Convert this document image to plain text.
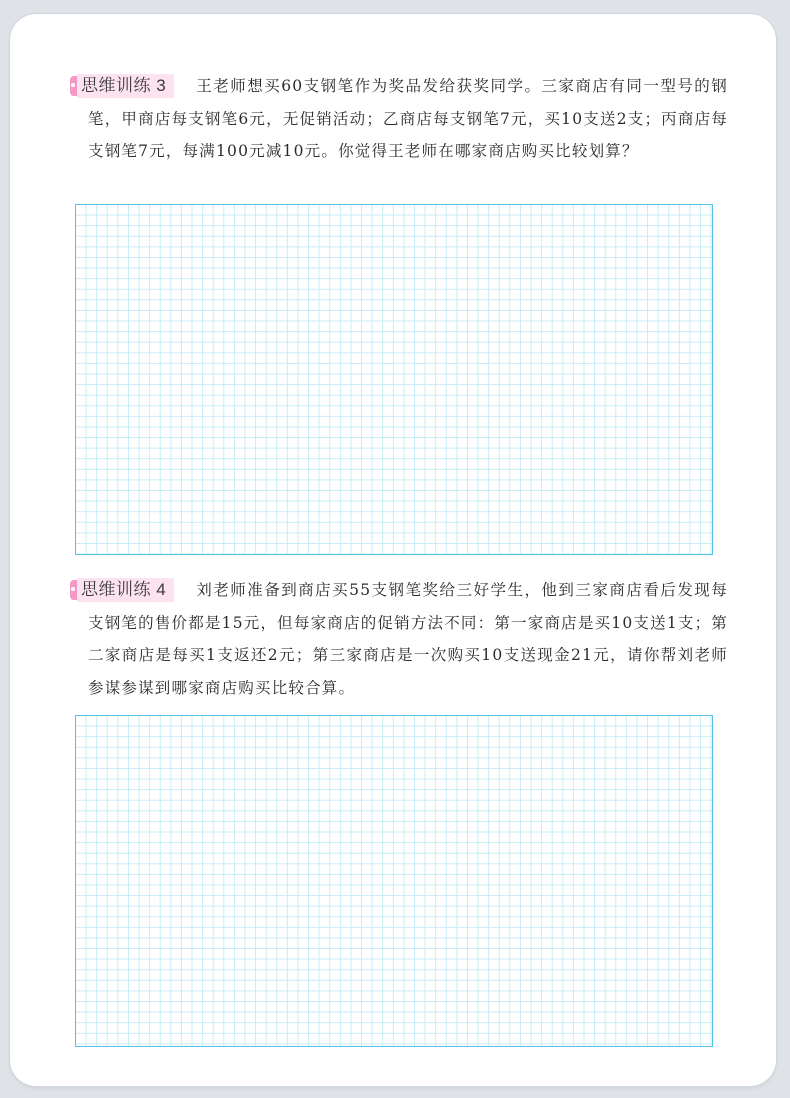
思维训练 3	王老师想买60支钢笔作为奖品发给获奖同学。三家商店有同一型号的钢笔，甲商店每支钢笔6元，无促销活动；乙商店每支钢笔7元，买10支送2支；丙商店每支钢笔7元，每满100元减10元。你觉得王老师在哪家商店购买比较划算？
思维训练 4	刘老师准备到商店买55支钢笔奖给三好学生，他到三家商店看后发现每支钢笔的售价都是15元，但每家商店的促销方法不同：第一家商店是买10支送1支；第二家商店是每买1支返还2元；第三家商店是一次购买10支送现金21元，请你帮刘老师参谋参谋到哪家商店购买比较合算。
